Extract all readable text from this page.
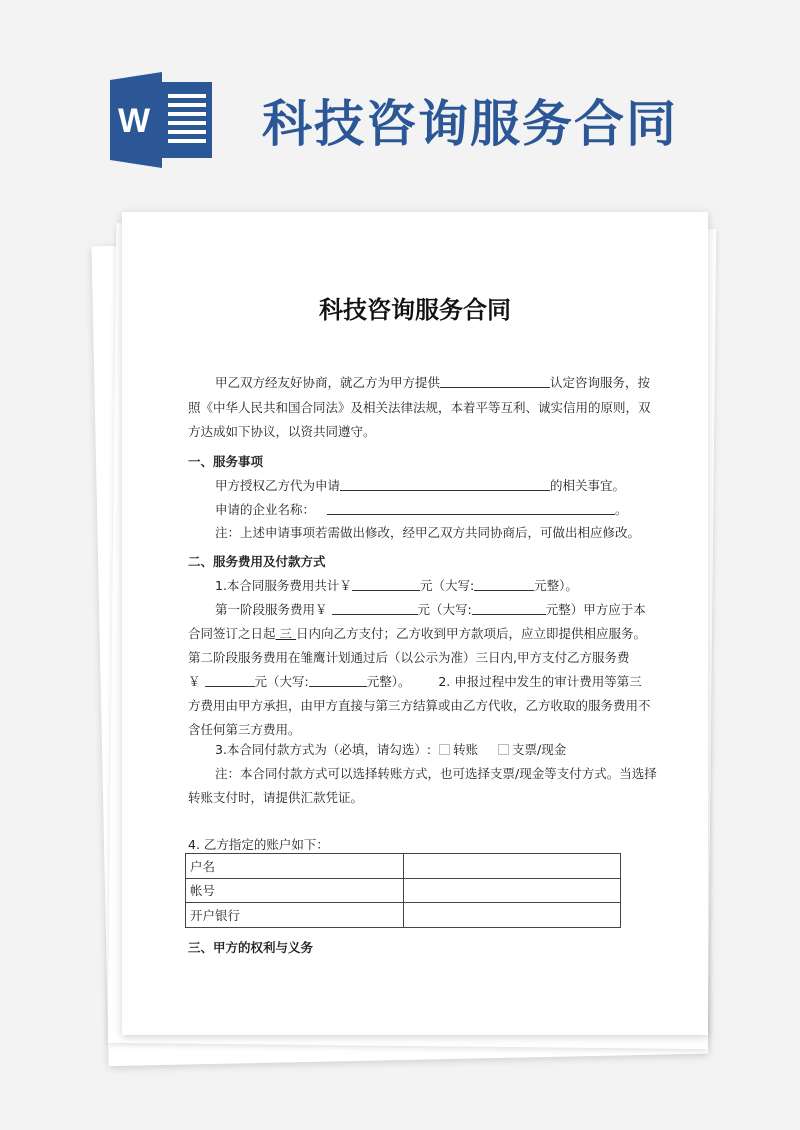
W 科技咨询服务合同
科技咨询服务合同
甲乙双方经友好协商，就乙方为甲方提供	认定咨询服务，按
照《中华人民共和国合同法》及相关法律法规，本着平等互利、诚实信用的原则，双
方达成如下协议，以资共同遵守。
一、服务事项
甲方授权乙方代为申请	的相关事宜。
申请的企业名称：	。
注：上述申请事项若需做出修改，经甲乙双方共同协商后，可做出相应修改。
二、服务费用及付款方式
1.本合同服务费用共计￥	元（大写:	元整）。
第一阶段服务费用￥	元（大写:	元整）甲方应于本
合同签订之日起 三 日内向乙方支付；乙方收到甲方款项后，应立即提供相应服务。
第二阶段服务费用在雏鹰计划通过后（以公示为准）三日内,甲方支付乙方服务费
￥	元（大写:	元整）。 2. 申报过程中发生的审计费用等第三
方费用由甲方承担，由甲方直接与第三方结算或由乙方代收，乙方收取的服务费用不
含任何第三方费用。
3.本合同付款方式为（必填，请勾选）: 转账	支票/现金
注：本合同付款方式可以选择转账方式，也可选择支票/现金等支付方式。当选择
转账支付时，请提供汇款凭证。
4. 乙方指定的账户如下：
户名	
帐号	
开户银行	
三、甲方的权利与义务
